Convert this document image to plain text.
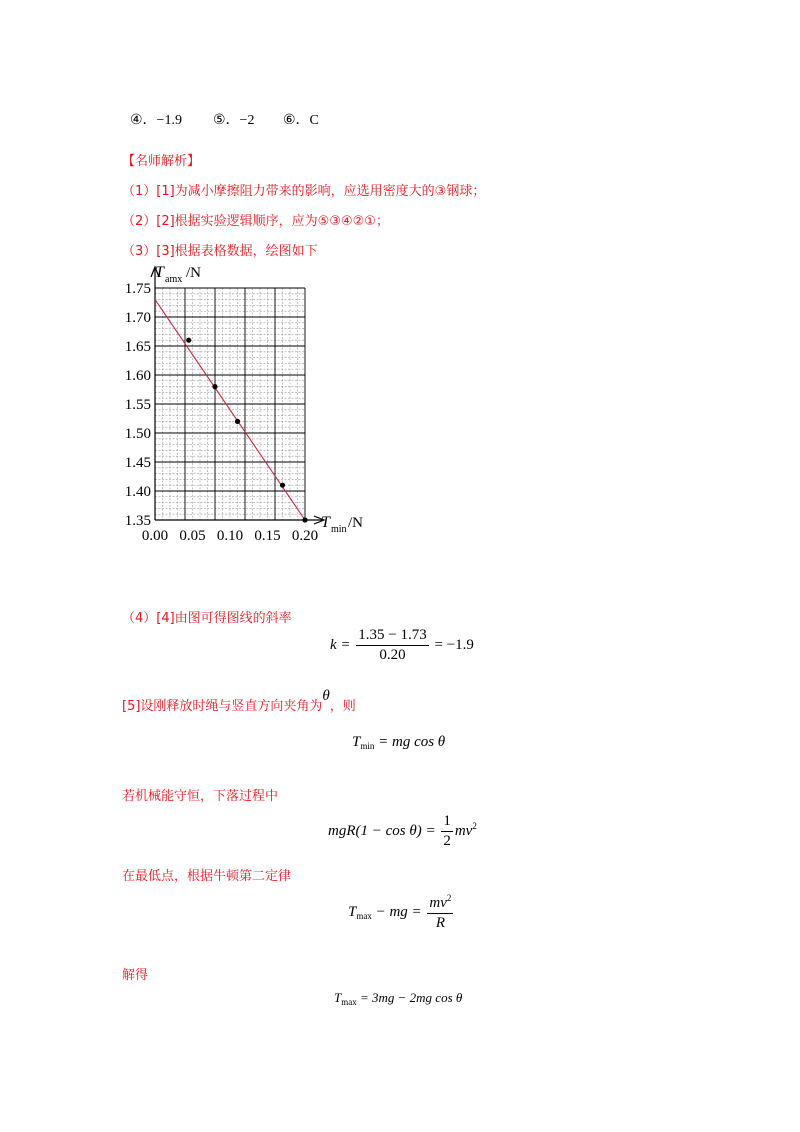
④．−1.9 ⑤．−2 ⑥．C
【名师解析】
（1）[1]为减小摩擦阻力带来的影响，应选用密度大的③钢球；
（2）[2]根据实验逻辑顺序，应为⑤③④②①；
（3）[3]根据表格数据，绘图如下
1.75
1.70
1.65
1.60
1.55
1.50
1.45
1.40
1.35
0.00 0.05 0.10 0.15 0.20
T amx /N
T min /N
（4）[4]由图可得图线的斜率
$k = \frac{1.35 - 1.73}{0.20} = -1.9$
[5]设刚释放时绳与竖直方向夹角为θ，则
$T_{min}$ = mg cos θ
若机械能守恒，下落过程中
$mgR(1 - \cos \theta) = \frac{1}{2} mv^2$
在最低点，根据牛顿第二定律
$T_{max}$ − mg = $\frac{mv^2}{R}$
解得
$T_{max} = 3mg - 2mg$ cos θ
